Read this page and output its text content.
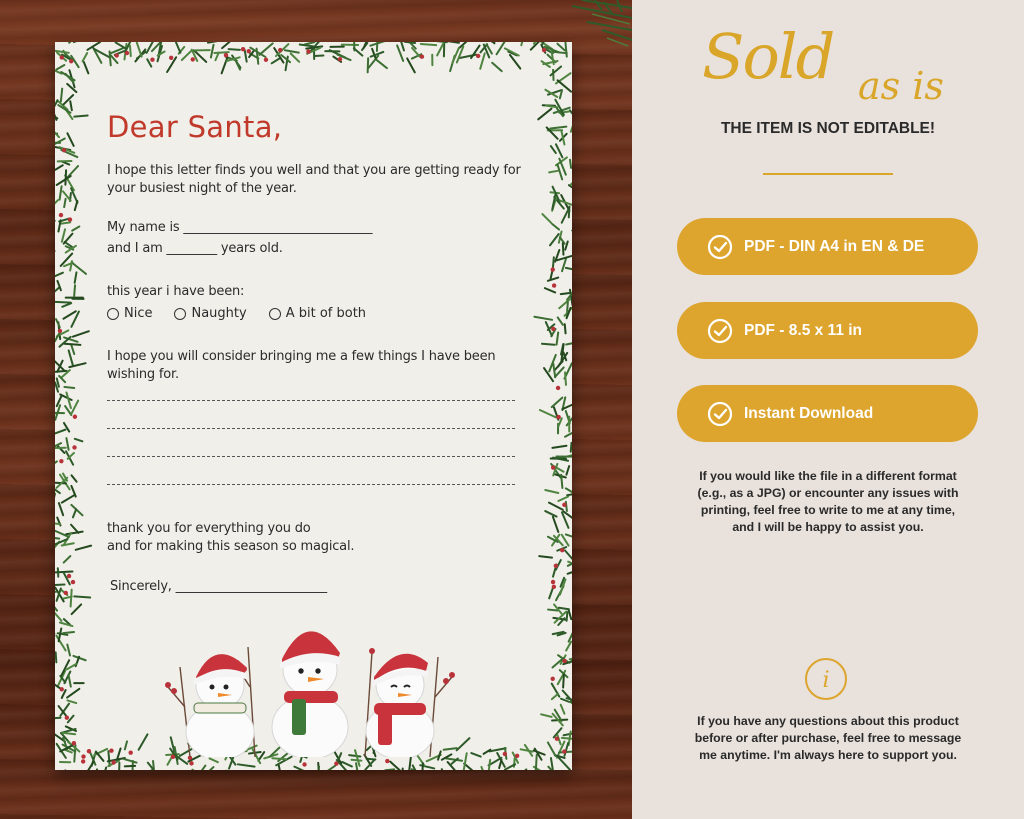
Dear Santa,
I hope this letter finds you well and that you are getting ready for
your busiest night of the year.
My name is ______________________________
and I am ________ years old.
this year i have been:
Nice	Naughty	A bit of both
I hope you will consider bringing me a few things I have been
wishing for.
thank you for everything you do
and for making this season so magical.
Sincerely, ________________________
Sold as is
THE ITEM IS NOT EDITABLE!
PDF - DIN A4 in EN & DE
PDF - 8.5 x 11 in
Instant Download
If you would like the file in a different format
(e.g., as a JPG) or encounter any issues with
printing, feel free to write to me at any time,
and I will be happy to assist you.
i
If you have any questions about this product
before or after purchase, feel free to message
me anytime. I'm always here to support you.
